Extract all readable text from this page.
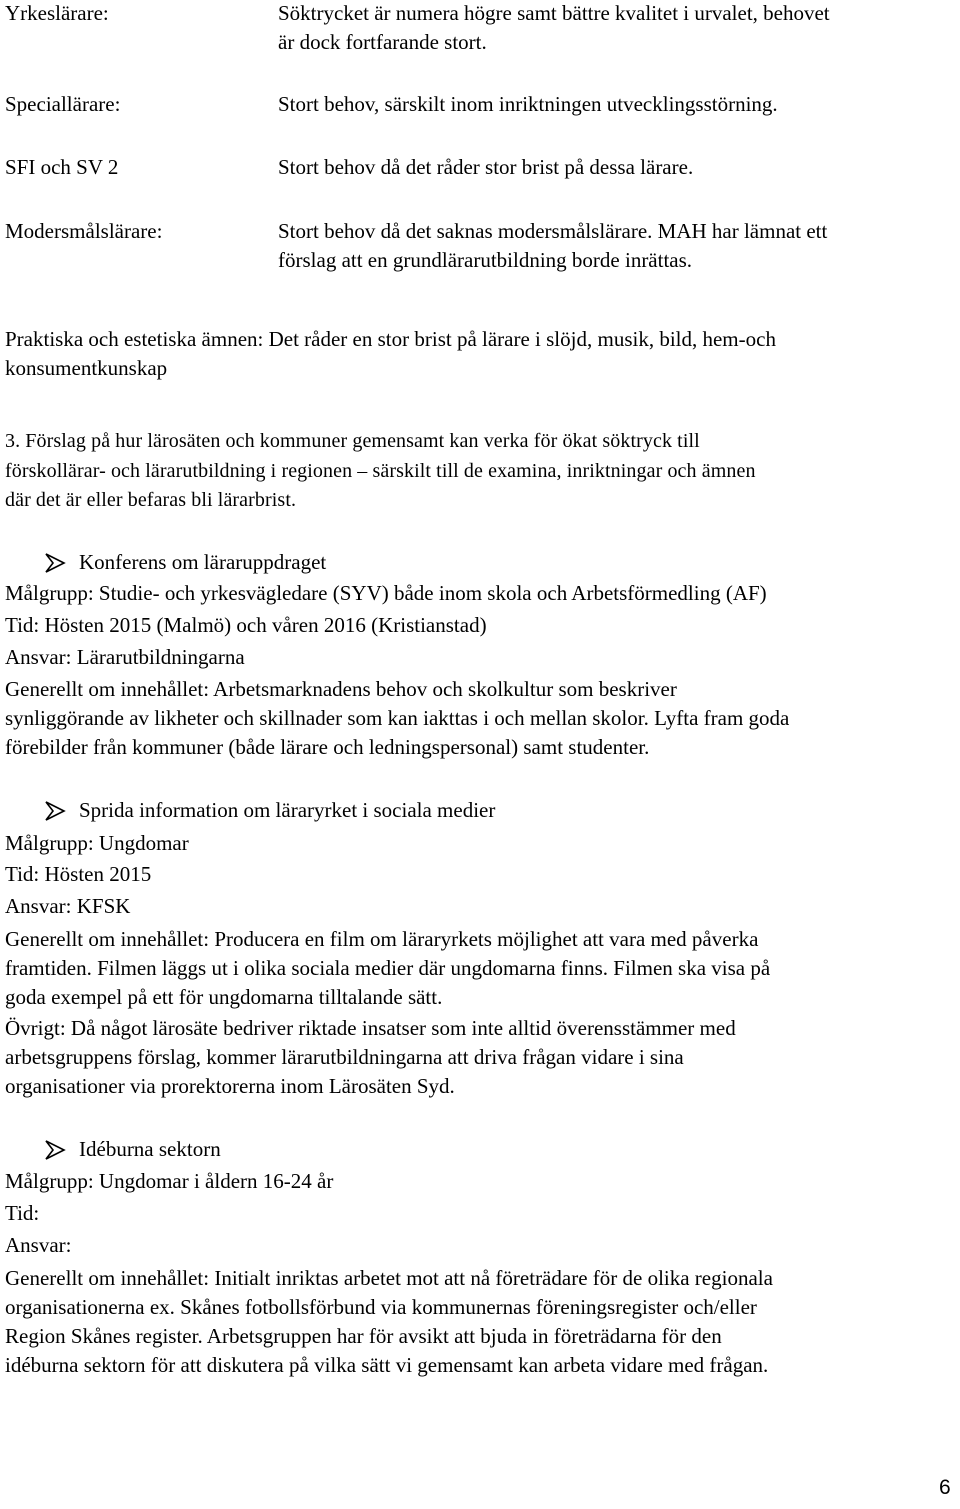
Yrkeslärare:	Söktrycket är numera högre samt bättre kvalitet i urvalet, behovet
är dock fortfarande stort.
Speciallärare:	Stort behov, särskilt inom inriktningen utvecklingsstörning.
SFI och SV 2	Stort behov då det råder stor brist på dessa lärare.
Modersmålslärare:	Stort behov då det saknas modersmålslärare. MAH har lämnat ett
förslag att en grundlärarutbildning borde inrättas.
Praktiska och estetiska ämnen: Det råder en stor brist på lärare i slöjd, musik, bild, hem-och
konsumentkunskap
3. Förslag på hur lärosäten och kommuner gemensamt kan verka för ökat söktryck till
förskollärar- och lärarutbildning i regionen – särskilt till de examina, inriktningar och ämnen
där det är eller befaras bli lärarbrist.
Konferens om läraruppdraget
Målgrupp: Studie- och yrkesvägledare (SYV) både inom skola och Arbetsförmedling (AF)
Tid: Hösten 2015 (Malmö) och våren 2016 (Kristianstad)
Ansvar: Lärarutbildningarna
Generellt om innehållet: Arbetsmarknadens behov och skolkultur som beskriver
synliggörande av likheter och skillnader som kan iakttas i och mellan skolor. Lyfta fram goda
förebilder från kommuner (både lärare och ledningspersonal) samt studenter.
Sprida information om läraryrket i sociala medier
Målgrupp: Ungdomar
Tid: Hösten 2015
Ansvar: KFSK
Generellt om innehållet: Producera en film om läraryrkets möjlighet att vara med påverka
framtiden. Filmen läggs ut i olika sociala medier där ungdomarna finns. Filmen ska visa på
goda exempel på ett för ungdomarna tilltalande sätt.
Övrigt: Då något lärosäte bedriver riktade insatser som inte alltid överensstämmer med
arbetsgruppens förslag, kommer lärarutbildningarna att driva frågan vidare i sina
organisationer via prorektorerna inom Lärosäten Syd.
Idéburna sektorn
Målgrupp: Ungdomar i åldern 16-24 år
Tid:
Ansvar:
Generellt om innehållet: Initialt inriktas arbetet mot att nå företrädare för de olika regionala
organisationerna ex. Skånes fotbollsförbund via kommunernas föreningsregister och/eller
Region Skånes register. Arbetsgruppen har för avsikt att bjuda in företrädarna för den
idéburna sektorn för att diskutera på vilka sätt vi gemensamt kan arbeta vidare med frågan.
6
